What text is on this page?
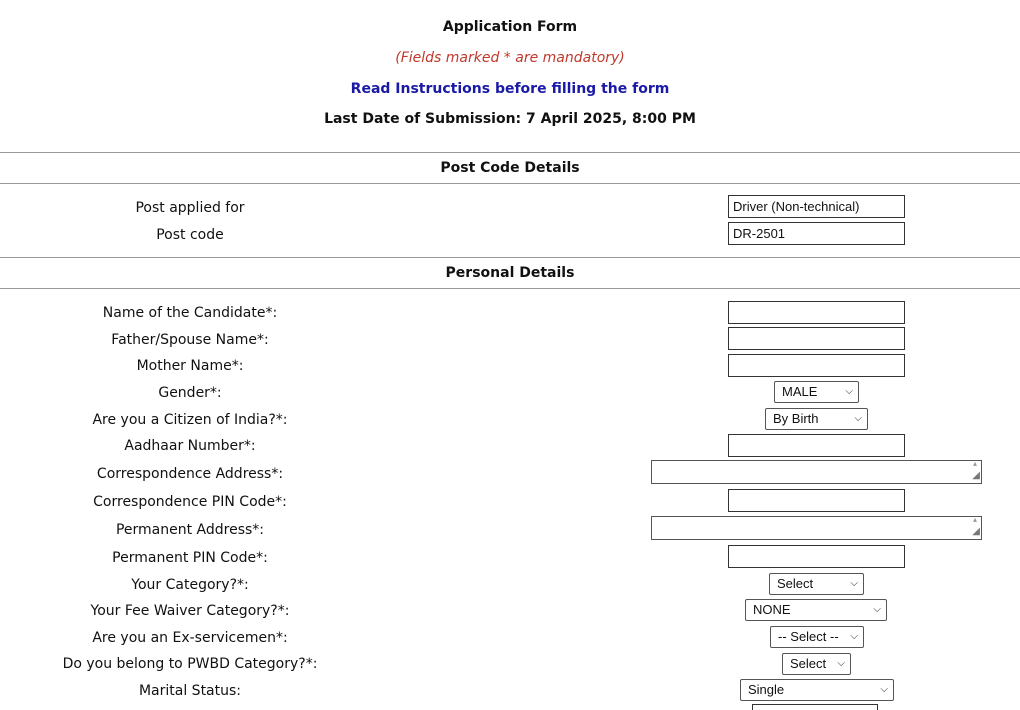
Application Form
(Fields marked * are mandatory)
Read Instructions before filling the form
Last Date of Submission: 7 April 2025, 8:00 PM
Post Code Details
Post applied for	Driver (Non-technical)
Post code	DR-2501
Personal Details
Name of the Candidate*:
Father/Spouse Name*:
Mother Name*:
Gender*:	MALE	⌵
Are you a Citizen of India?*:	By Birth	⌵
Aadhaar Number*:
Correspondence Address*:
▴
◢
Correspondence PIN Code*:
Permanent Address*:
▴
◢
Permanent PIN Code*:
Your Category?*:	Select	⌵
Your Fee Waiver Category?*:	NONE	⌵
Are you an Ex-servicemen*:	-- Select -- ⌵
Do you belong to PWBD Category?*:	Select ⌵
Marital Status:	Single	⌵
